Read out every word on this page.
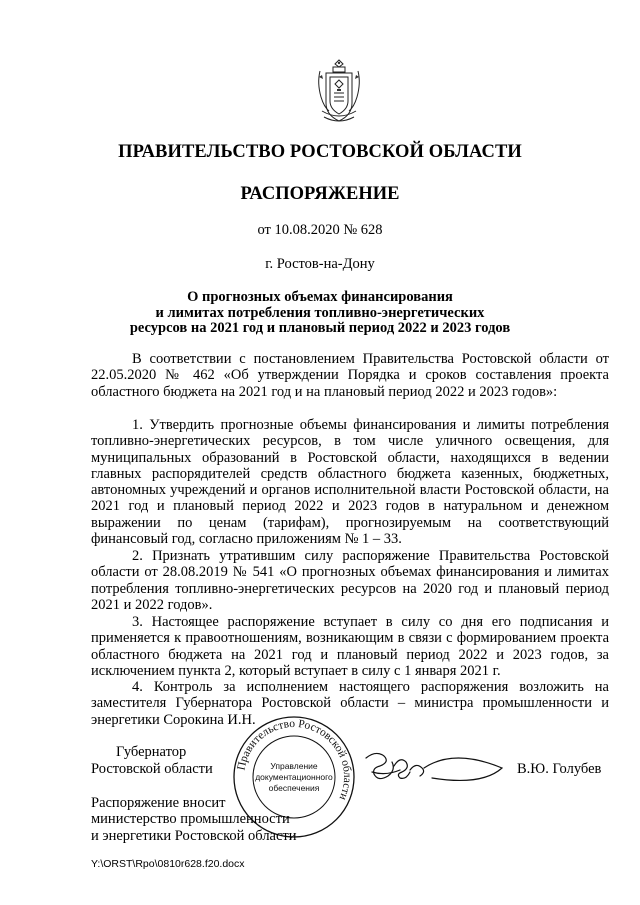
ПРАВИТЕЛЬСТВО РОСТОВСКОЙ ОБЛАСТИ
РАСПОРЯЖЕНИЕ
от 10.08.2020 № 628
г. Ростов-на-Дону
О прогнозных объемах финансирования
и лимитах потребления топливно-энергетических
ресурсов на 2021 год и плановый период 2022 и 2023 годов
В соответствии с постановлением Правительства Ростовской области от 22.05.2020 № 462 «Об утверждении Порядка и сроков составления проекта областного бюджета на 2021 год и на плановый период 2022 и 2023 годов»:
1. Утвердить прогнозные объемы финансирования и лимиты потребления топливно-энергетических ресурсов, в том числе уличного освещения, для муниципальных образований в Ростовской области, находящихся в ведении главных распорядителей средств областного бюджета казенных, бюджетных, автономных учреждений и органов исполнительной власти Ростовской области, на 2021 год и плановый период 2022 и 2023 годов в натуральном и денежном выражении по ценам (тарифам), прогнозируемым на соответствующий финансовый год, согласно приложениям № 1 – 33.
2. Признать утратившим силу распоряжение Правительства Ростовской области от 28.08.2019 № 541 «О прогнозных объемах финансирования и лимитах потребления топливно-энергетических ресурсов на 2020 год и плановый период 2021 и 2022 годов».
3. Настоящее распоряжение вступает в силу со дня его подписания и применяется к правоотношениям, возникающим в связи с формированием проекта областного бюджета на 2021 год и плановый период 2022 и 2023 годов, за исключением пункта 2, который вступает в силу с 1 января 2021 г.
4. Контроль за исполнением настоящего распоряжения возложить на заместителя Губернатора Ростовской области – министра промышленности и энергетики Сорокина И.Н.
Губернатор
Ростовской области	В.Ю. Голубев
Правительство Ростовской области
Управление
документационного
обеспечения
Распоряжение вносит
министерство промышленности
и энергетики Ростовской области
Y:\ORST\Rpo\0810r628.f20.docx
